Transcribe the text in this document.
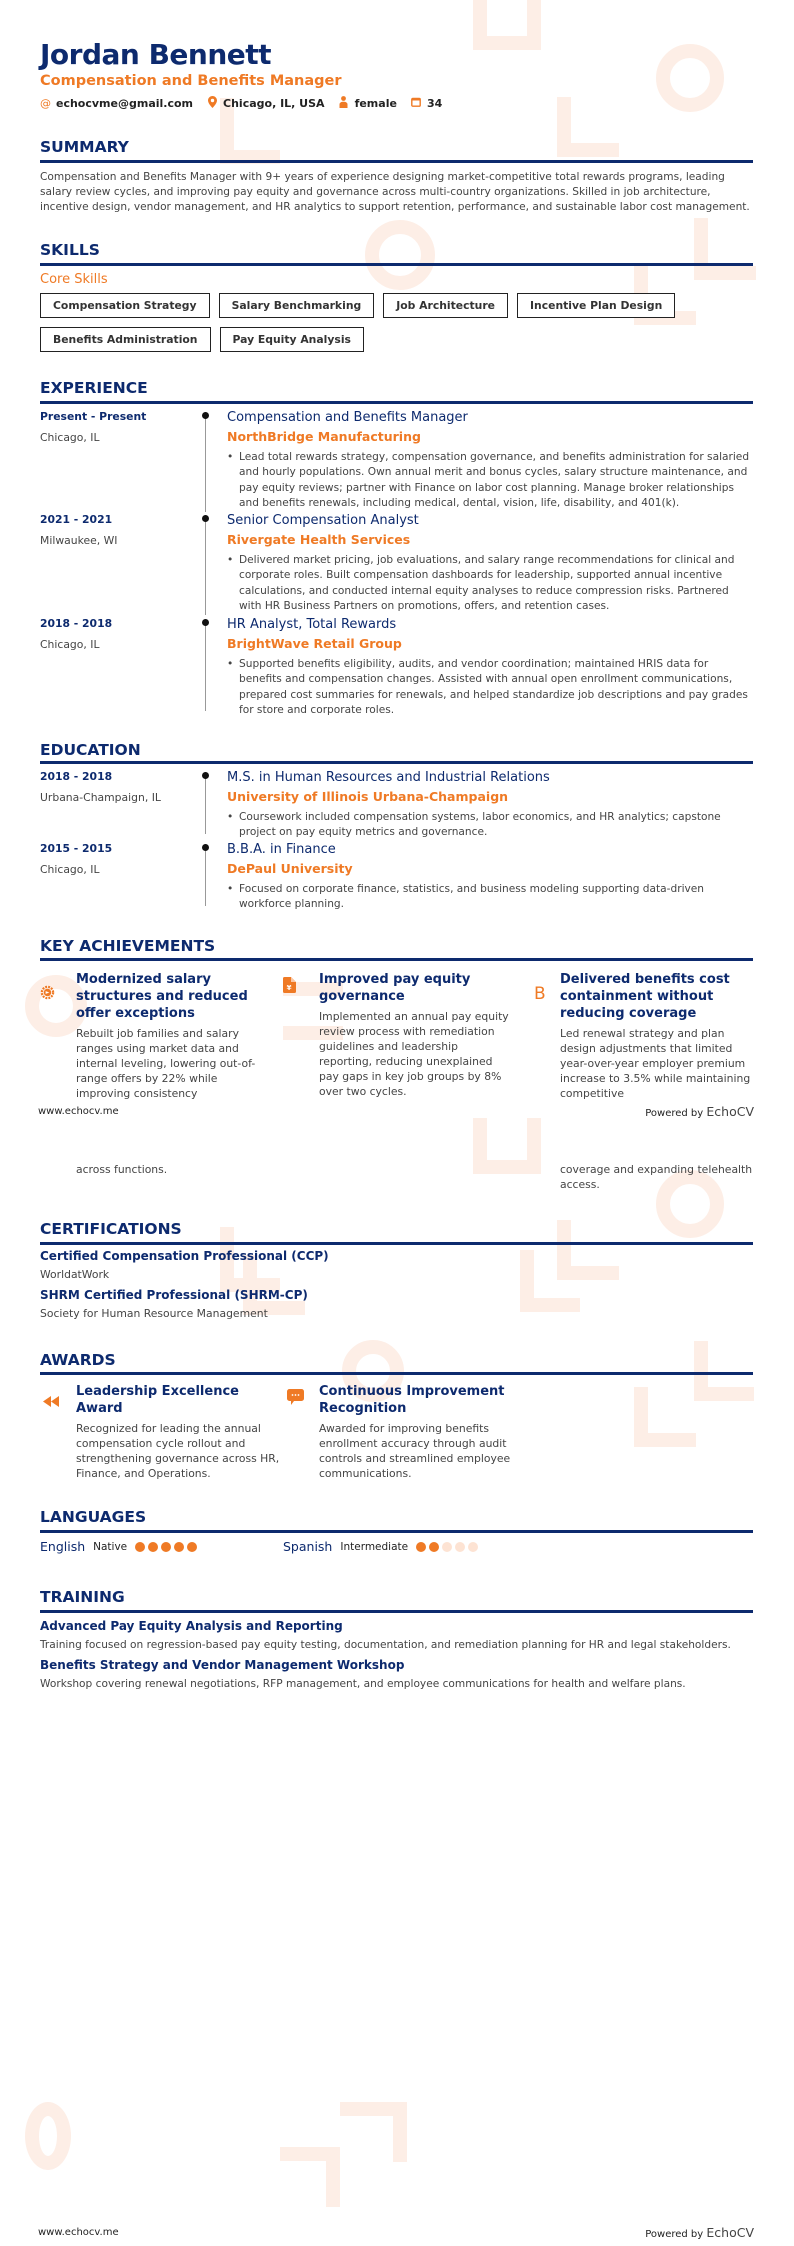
Jordan Bennett
Compensation and Benefits Manager
@ echocvme@gmail.com	Chicago, IL, USA	female	34
SUMMARY
Compensation and Benefits Manager with 9+ years of experience designing market-competitive total rewards programs, leading salary review cycles, and improving pay equity and governance across multi-country organizations. Skilled in job architecture, incentive design, vendor management, and HR analytics to support retention, performance, and sustainable labor cost management.
SKILLS
Core Skills
Compensation Strategy	Salary Benchmarking	Job Architecture	Incentive Plan Design
Benefits Administration	Pay Equity Analysis
EXPERIENCE
Present - Present
Chicago, IL
Compensation and Benefits Manager
NorthBridge Manufacturing
• Lead total rewards strategy, compensation governance, and benefits administration for salaried and hourly populations. Own annual merit and bonus cycles, salary structure maintenance, and pay equity reviews; partner with Finance on labor cost planning. Manage broker relationships and benefits renewals, including medical, dental, vision, life, disability, and 401(k).
2021 - 2021
Milwaukee, WI
Senior Compensation Analyst
Rivergate Health Services
• Delivered market pricing, job evaluations, and salary range recommendations for clinical and corporate roles. Built compensation dashboards for leadership, supported annual incentive calculations, and conducted internal equity analyses to reduce compression risks. Partnered with HR Business Partners on promotions, offers, and retention cases.
2018 - 2018
Chicago, IL
HR Analyst, Total Rewards
BrightWave Retail Group
• Supported benefits eligibility, audits, and vendor coordination; maintained HRIS data for benefits and compensation changes. Assisted with annual open enrollment communications, prepared cost summaries for renewals, and helped standardize job descriptions and pay grades for store and corporate roles.
EDUCATION
2018 - 2018
Urbana-Champaign, IL
M.S. in Human Resources and Industrial Relations
University of Illinois Urbana-Champaign
• Coursework included compensation systems, labor economics, and HR analytics; capstone project on pay equity metrics and governance.
2015 - 2015
Chicago, IL
B.B.A. in Finance
DePaul University
• Focused on corporate finance, statistics, and business modeling supporting data-driven workforce planning.
KEY ACHIEVEMENTS
Modernized salary structures and reduced offer exceptions
Rebuilt job families and salary ranges using market data and internal leveling, lowering out-of-range offers by 22% while improving consistency
¥
Improved pay equity governance
Implemented an annual pay equity review process with remediation guidelines and leadership reporting, reducing unexplained pay gaps in key job groups by 8% over two cycles.
B
Delivered benefits cost containment without reducing coverage
Led renewal strategy and plan design adjustments that limited year-over-year employer premium increase to 3.5% while maintaining competitive
www.echocv.me	Powered by EchoCV
across functions.	coverage and expanding telehealth access.
CERTIFICATIONS
Certified Compensation Professional (CCP)
WorldatWork
SHRM Certified Professional (SHRM-CP)
Society for Human Resource Management
AWARDS
Leadership Excellence Award
Recognized for leading the annual compensation cycle rollout and strengthening governance across HR, Finance, and Operations.
Continuous Improvement Recognition
Awarded for improving benefits enrollment accuracy through audit controls and streamlined employee communications.
LANGUAGES
English Native	Spanish Intermediate
TRAINING
Advanced Pay Equity Analysis and Reporting
Training focused on regression-based pay equity testing, documentation, and remediation planning for HR and legal stakeholders.
Benefits Strategy and Vendor Management Workshop
Workshop covering renewal negotiations, RFP management, and employee communications for health and welfare plans.
www.echocv.me	Powered by EchoCV
